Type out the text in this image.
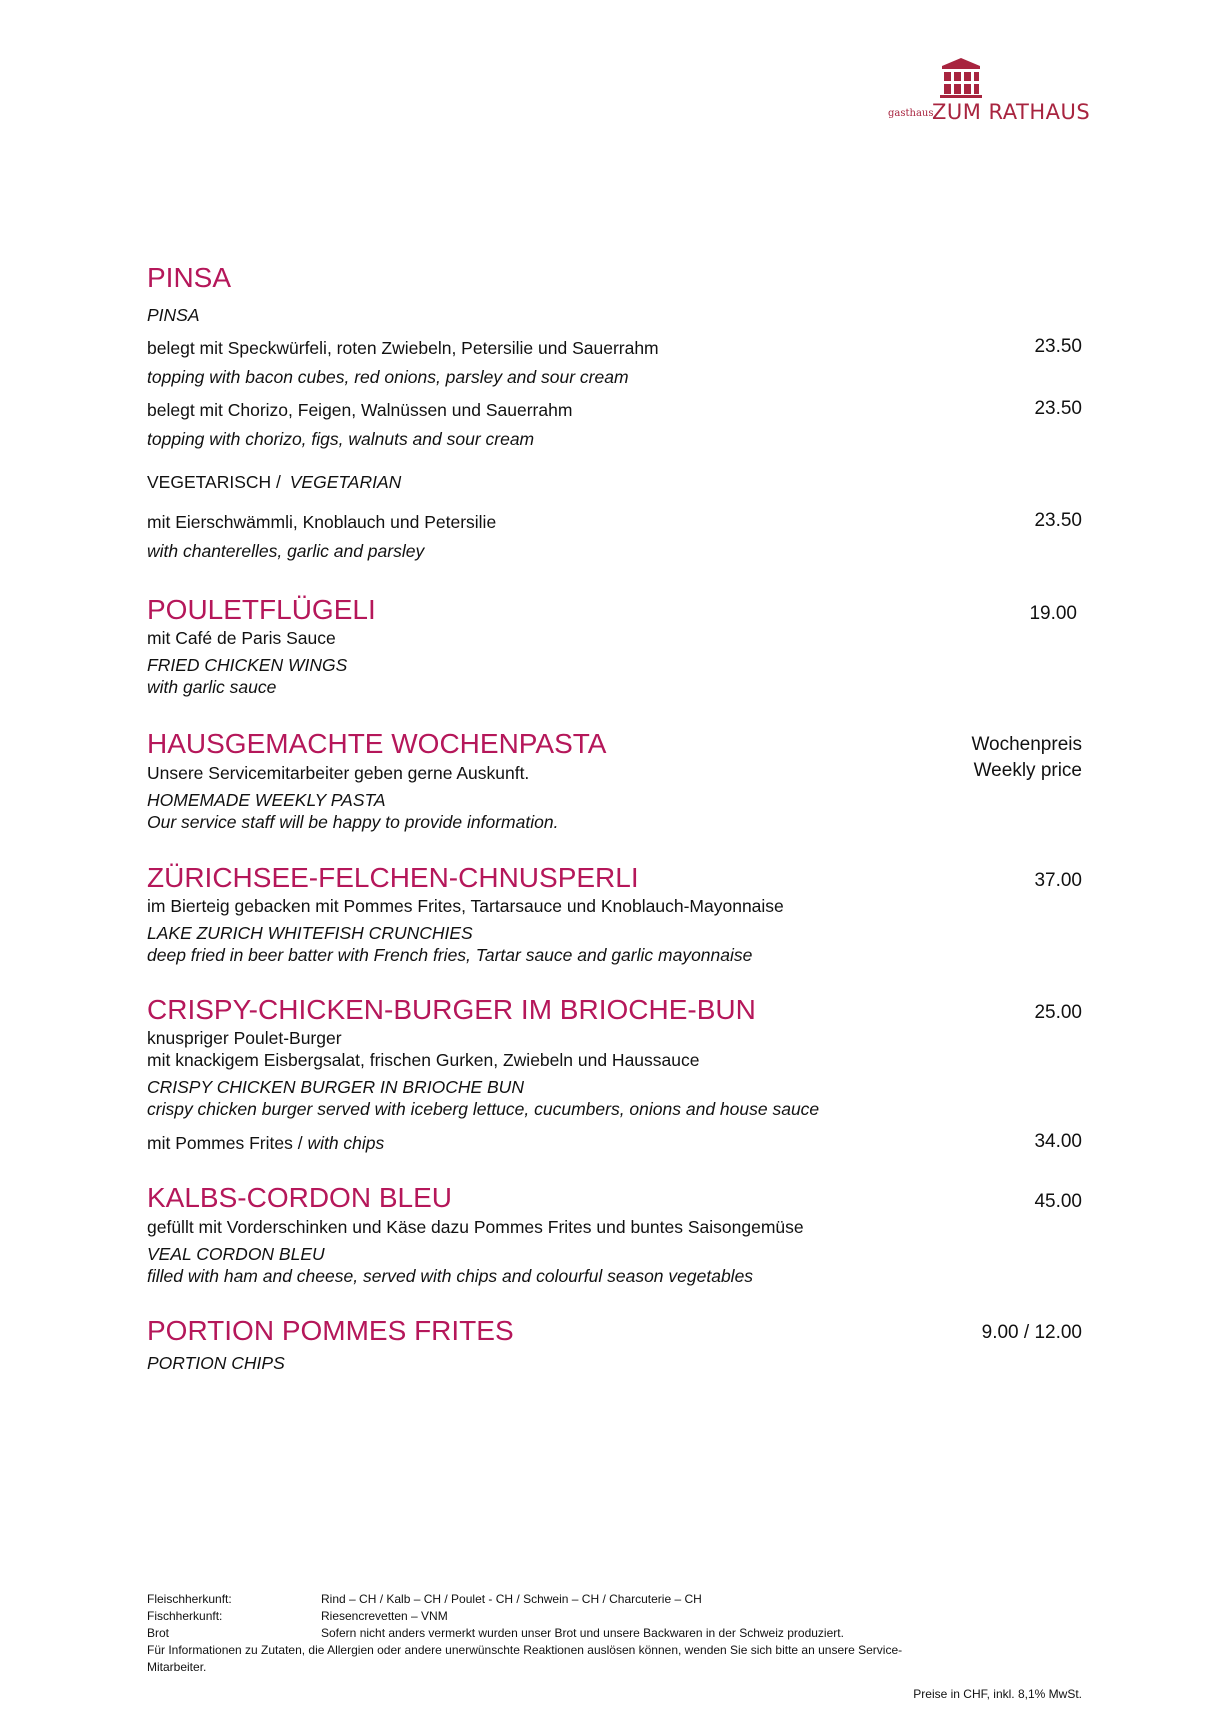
gasthaus
ZUM RATHAUS
PINSA
PINSA
belegt mit Speckwürfeli, roten Zwiebeln, Petersilie und Sauerrahm	23.50
topping with bacon cubes, red onions, parsley and sour cream
belegt mit Chorizo, Feigen, Walnüssen und Sauerrahm	23.50
topping with chorizo, figs, walnuts and sour cream
VEGETARISCH / VEGETARIAN
mit Eierschwämmli, Knoblauch und Petersilie	23.50
with chanterelles, garlic and parsley
POULETFLÜGELI	19.00
mit Café de Paris Sauce
FRIED CHICKEN WINGS
with garlic sauce
HAUSGEMACHTE WOCHENPASTA	Wochenpreis
Weekly price
Unsere Servicemitarbeiter geben gerne Auskunft.
HOMEMADE WEEKLY PASTA
Our service staff will be happy to provide information.
ZÜRICHSEE-FELCHEN-CHNUSPERLI	37.00
im Bierteig gebacken mit Pommes Frites, Tartarsauce und Knoblauch-Mayonnaise
LAKE ZURICH WHITEFISH CRUNCHIES
deep fried in beer batter with French fries, Tartar sauce and garlic mayonnaise
CRISPY-CHICKEN-BURGER IM BRIOCHE-BUN	25.00
knuspriger Poulet-Burger
mit knackigem Eisbergsalat, frischen Gurken, Zwiebeln und Haussauce
CRISPY CHICKEN BURGER IN BRIOCHE BUN
crispy chicken burger served with iceberg lettuce, cucumbers, onions and house sauce
mit Pommes Frites / with chips	34.00
KALBS-CORDON BLEU	45.00
gefüllt mit Vorderschinken und Käse dazu Pommes Frites und buntes Saisongemüse
VEAL CORDON BLEU
filled with ham and cheese, served with chips and colourful season vegetables
PORTION POMMES FRITES	9.00 / 12.00
PORTION CHIPS
Fleischherkunft:	Rind – CH / Kalb – CH / Poulet - CH / Schwein – CH / Charcuterie – CH
Fischherkunft:	Riesencrevetten – VNM
Brot	Sofern nicht anders vermerkt wurden unser Brot und unsere Backwaren in der Schweiz produziert.
Für Informationen zu Zutaten, die Allergien oder andere unerwünschte Reaktionen auslösen können, wenden Sie sich bitte an unsere Service-
Mitarbeiter.
Preise in CHF, inkl. 8,1% MwSt.
